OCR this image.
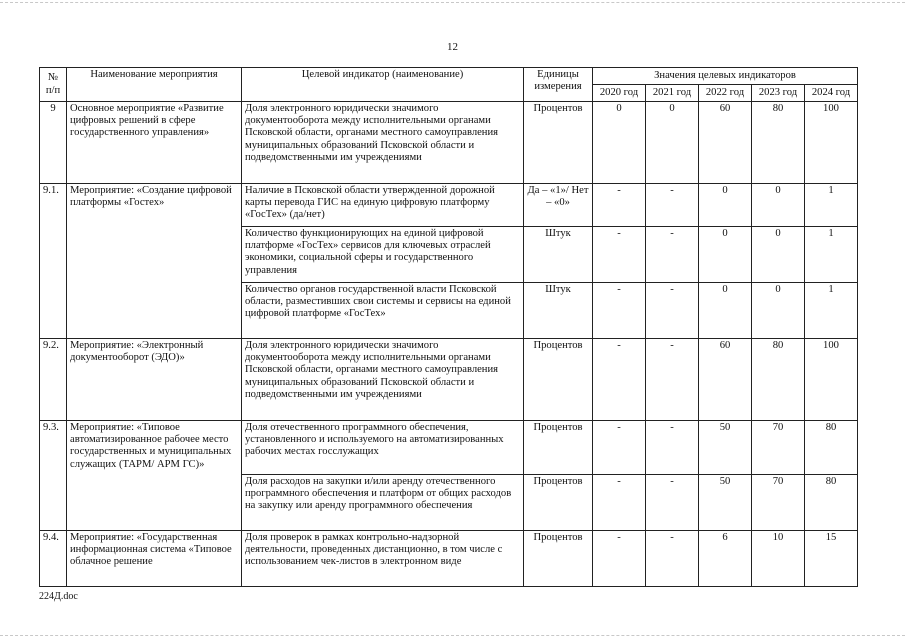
12
№ п/п	Наименование мероприятия	Целевой индикатор (наименование)	Единицы измерения	Значения целевых индикаторов				
				2020 год	2021 год	2022 год	2023 год	2024 год
9	Основное мероприятие «Развитие цифровых решений в сфере государственного управления»	Доля электронного юридически значимого документооборота между исполнительными органами Псковской области, органами местного самоуправления муниципальных образований Псковской области и подведомственными им учреждениями	Процентов	0	0	60	80	100
9.1.	Мероприятие: «Создание цифровой платформы «Гостех»	Наличие в Псковской области утвержденной дорожной карты перевода ГИС на единую цифровую платформу «ГосТех» (да/нет)	Да – «1»/ Нет – «0»	-	-	0	0	1
		Количество функционирующих на единой цифровой платформе «ГосТех» сервисов для ключевых отраслей экономики, социальной сферы и государственного управления	Штук	-	-	0	0	1
		Количество органов государственной власти Псковской области, разместивших свои системы и сервисы на единой цифровой платформе «ГосТех»	Штук	-	-	0	0	1
9.2.	Мероприятие: «Электронный документооборот (ЭДО)»	Доля электронного юридически значимого документооборота между исполнительными органами Псковской области, органами местного самоуправления муниципальных образований Псковской области и подведомственными им учреждениями	Процентов	-	-	60	80	100
9.3.	Мероприятие: «Типовое автоматизированное рабочее место государственных и муниципальных служащих (ТАРМ/ АРМ ГС)»	Доля отечественного программного обеспечения, установленного и используемого на автоматизированных рабочих местах госслужащих	Процентов	-	-	50	70	80
		Доля расходов на закупки и/или аренду отечественного программного обеспечения и платформ от общих расходов на закупку или аренду программного обеспечения	Процентов	-	-	50	70	80
9.4.	Мероприятие: «Государственная информационная система «Типовое облачное решение	Доля проверок в рамках контрольно-надзорной деятельности, проведенных дистанционно, в том числе с использованием чек-листов в электронном виде	Процентов	-	-	6	10	15
224Д.doc
